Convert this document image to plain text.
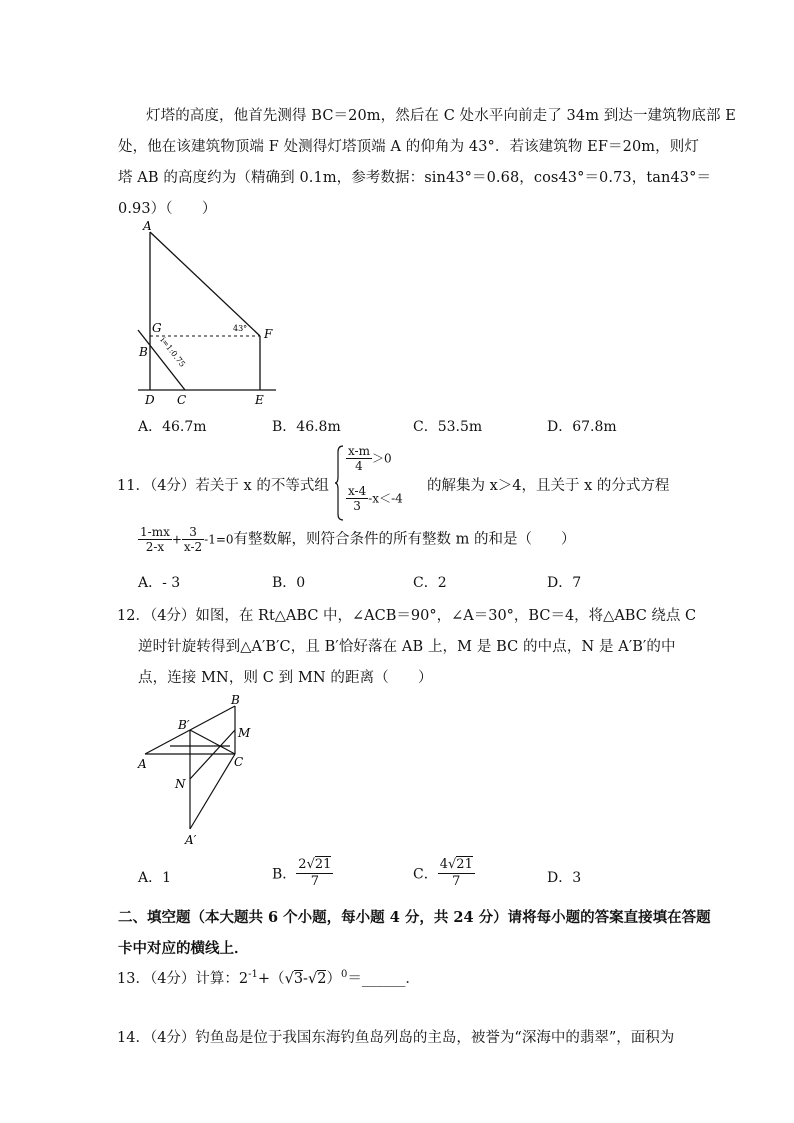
灯塔的高度，他首先测得 BC＝20m，然后在 C 处水平向前走了 34m 到达一建筑物底部 E
处，他在该建筑物顶端 F 处测得灯塔顶端 A 的仰角为 43°．若该建筑物 EF＝20m，则灯
塔 AB 的高度约为（精确到 0.1m，参考数据：sin43°＝0.68，cos43°＝0.73，tan43°＝
0.93）（　　）
A
G
B
D C	E
F
43°
i=1:0.75
A．46.7m	B．46.8m	C．53.5m	D．67.8m
11．（4分）若关于 x 的不等式组
$\frac{x-m}{4} >0$
$\frac{x-4}{3} -x<-4$
的解集为 x＞4，且关于 x 的分式方程
$\frac{1-mx}{2-x} + \frac{3}{x-2} -1=0$有整数解，则符合条件的所有整数 m 的和是（　　）
A．- 3	B．0	C．2	D．7
12．（4分）如图，在 Rt△ABC 中，∠ACB＝90°，∠A＝30°，BC＝4，将△ABC 绕点 C
逆时针旋转得到△A′B′C，且 B′恰好落在 AB 上，M 是 BC 的中点，N 是 A′B′的中
点，连接 MN，则 C 到 MN 的距离（　　）
B
B′
M
A	C
N
A′
A．1	B． $\frac{2√21}{7}$	C． $\frac{4√21}{7}$	D．3
二、填空题（本大题共 6 个小题，每小题 4 分，共 24 分）请将每小题的答案直接填在答题
卡中对应的横线上．
13．（4分）计算：$2^{-1}+(√3-√2)^0=\_\_\_\_\_\_$．
14．（4分）钓鱼岛是位于我国东海钓鱼岛列岛的主岛，被誉为“深海中的翡翠”，面积为
